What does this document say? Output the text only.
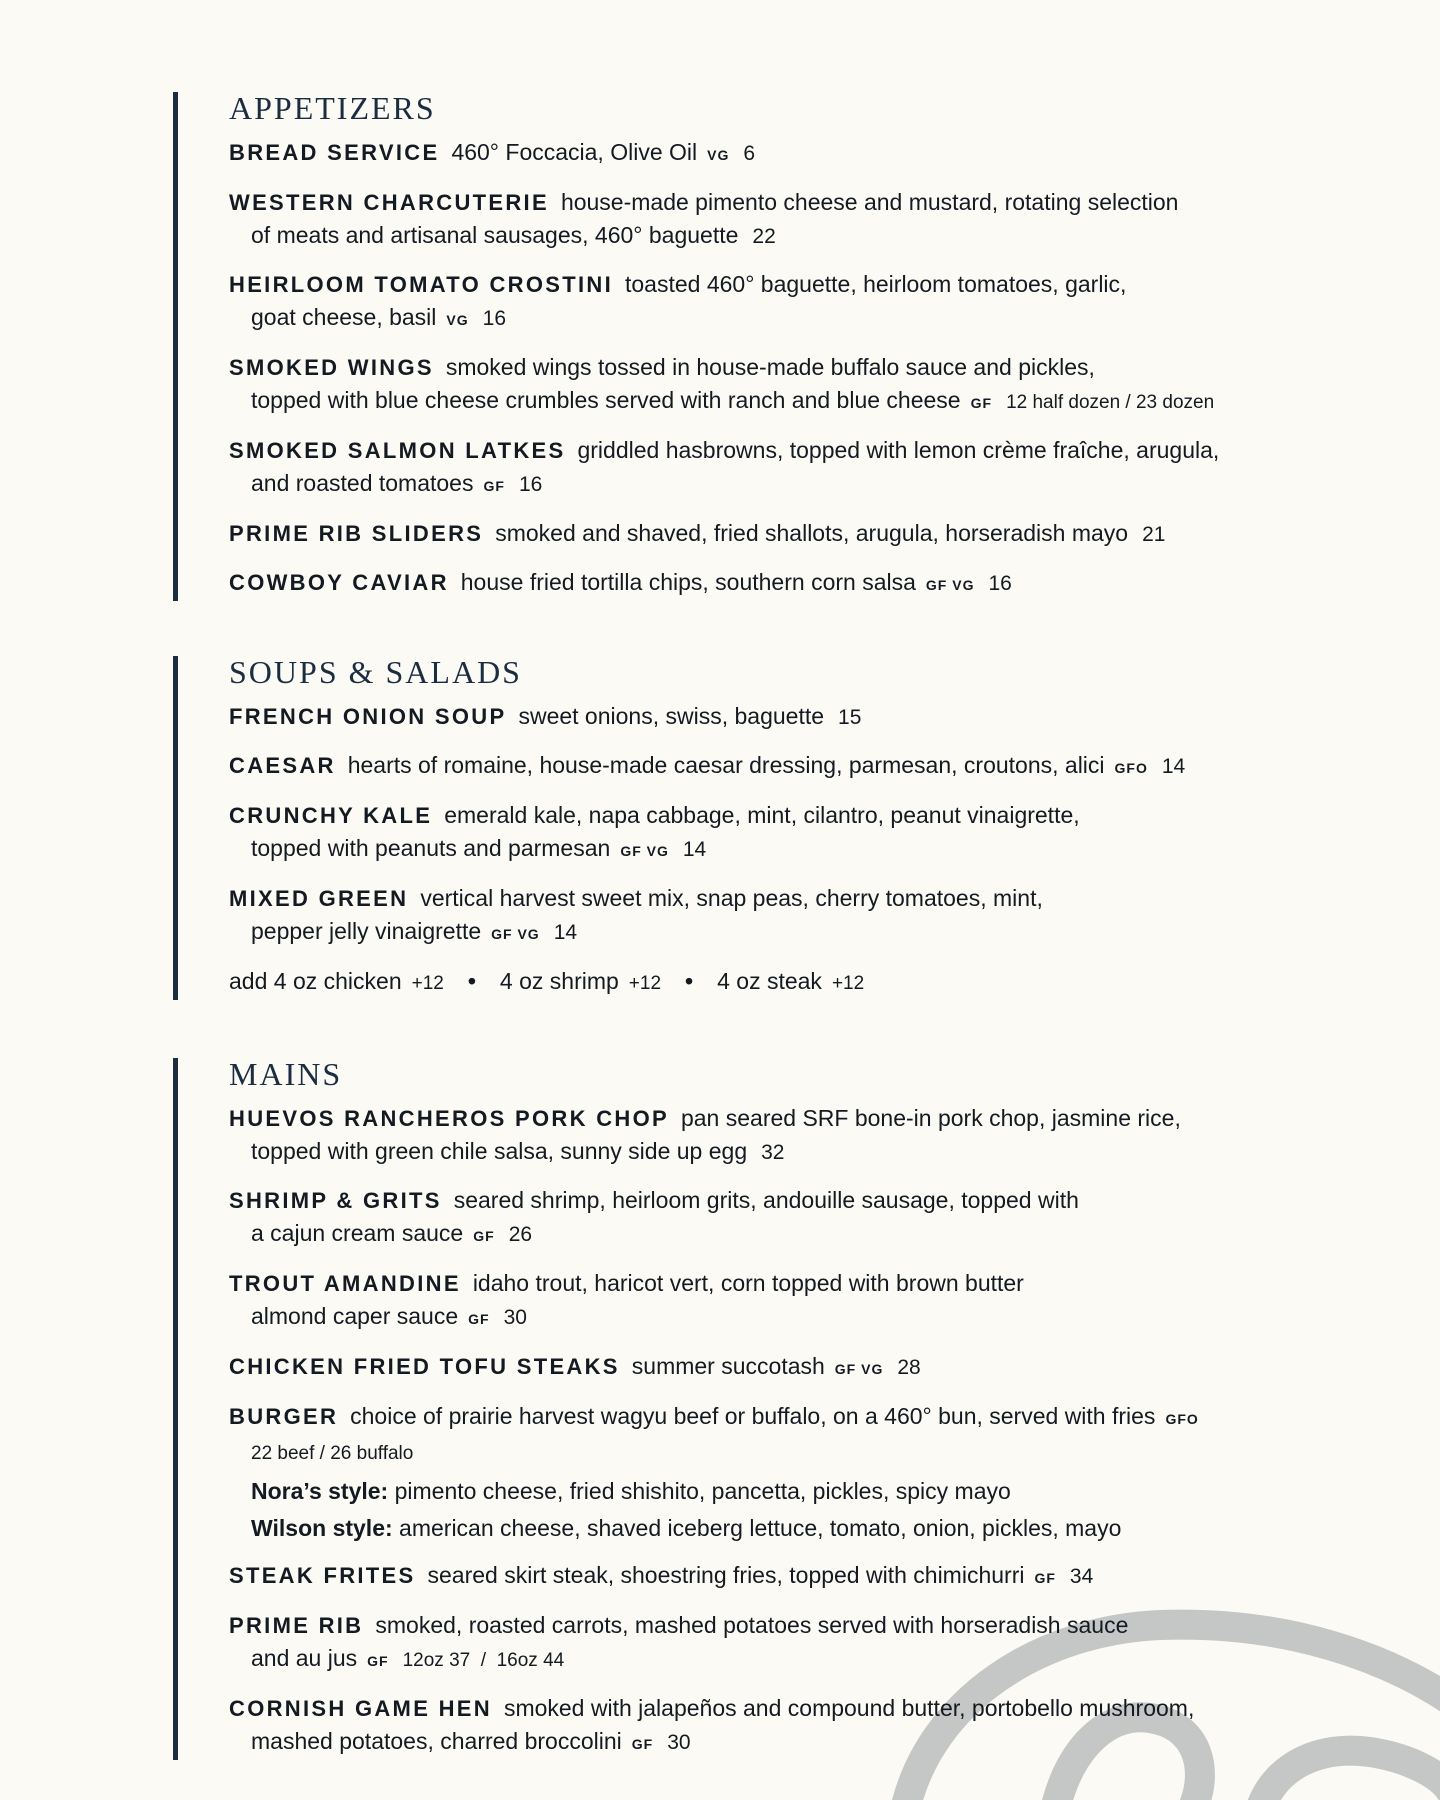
APPETIZERS
BREAD SERVICE 460° Foccacia, Olive Oil VG 6
WESTERN CHARCUTERIE house-made pimento cheese and mustard, rotating selection
of meats and artisanal sausages, 460° baguette 22
HEIRLOOM TOMATO CROSTINI toasted 460° baguette, heirloom tomatoes, garlic,
goat cheese, basil VG 16
SMOKED WINGS smoked wings tossed in house-made buffalo sauce and pickles,
topped with blue cheese crumbles served with ranch and blue cheese GF 12 half dozen / 23 dozen
SMOKED SALMON LATKES griddled hasbrowns, topped with lemon crème fraîche, arugula,
and roasted tomatoes GF 16
PRIME RIB SLIDERS smoked and shaved, fried shallots, arugula, horseradish mayo 21
COWBOY CAVIAR house fried tortilla chips, southern corn salsa GF VG 16
SOUPS & SALADS
FRENCH ONION SOUP sweet onions, swiss, baguette 15
CAESAR hearts of romaine, house-made caesar dressing, parmesan, croutons, alici GFO 14
CRUNCHY KALE emerald kale, napa cabbage, mint, cilantro, peanut vinaigrette,
topped with peanuts and parmesan GF VG 14
MIXED GREEN vertical harvest sweet mix, snap peas, cherry tomatoes, mint,
pepper jelly vinaigrette GF VG 14
add 4 oz chicken +12 • 4 oz shrimp +12 • 4 oz steak +12
MAINS
HUEVOS RANCHEROS PORK CHOP pan seared SRF bone-in pork chop, jasmine rice,
topped with green chile salsa, sunny side up egg 32
SHRIMP & GRITS seared shrimp, heirloom grits, andouille sausage, topped with
a cajun cream sauce GF 26
TROUT AMANDINE idaho trout, haricot vert, corn topped with brown butter
almond caper sauce GF 30
CHICKEN FRIED TOFU STEAKS summer succotash GF VG 28
BURGER choice of prairie harvest wagyu beef or buffalo, on a 460° bun, served with fries GFO
22 beef / 26 buffalo
Nora’s style: pimento cheese, fried shishito, pancetta, pickles, spicy mayo
Wilson style: american cheese, shaved iceberg lettuce, tomato, onion, pickles, mayo
STEAK FRITES seared skirt steak, shoestring fries, topped with chimichurri GF 34
PRIME RIB smoked, roasted carrots, mashed potatoes served with horseradish sauce
and au jus GF 12oz 37  /  16oz 44
CORNISH GAME HEN smoked with jalapeños and compound butter, portobello mushroom,
mashed potatoes, charred broccolini GF 30
